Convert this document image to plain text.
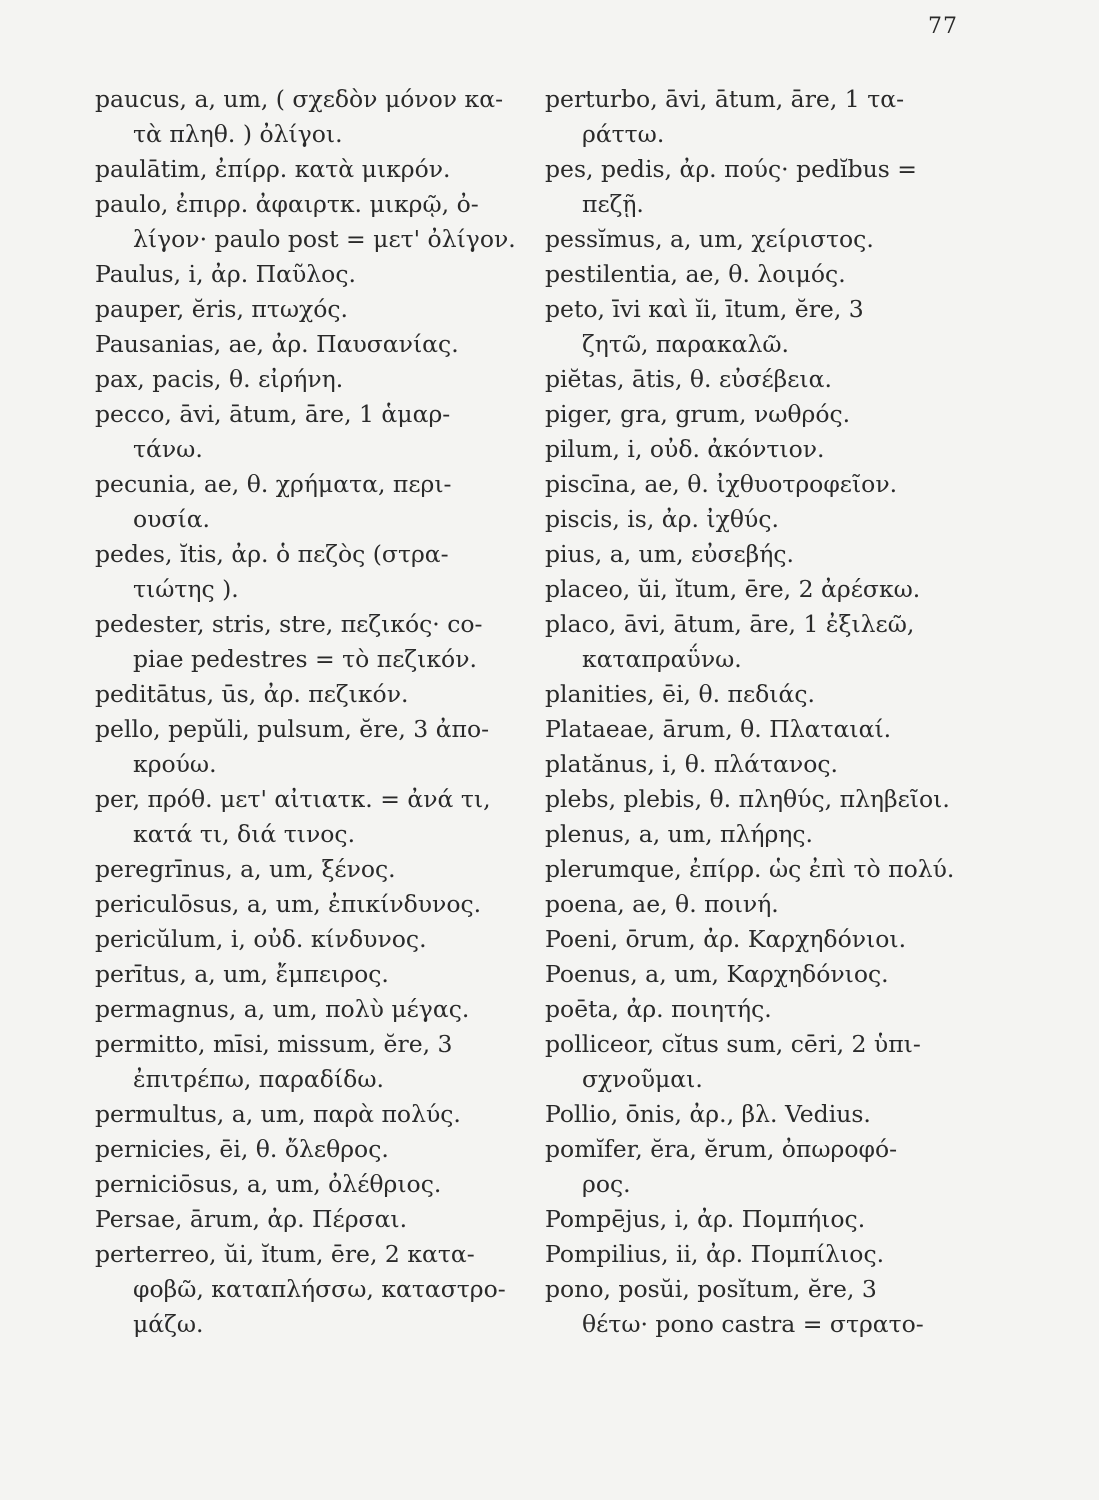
77
paucus, a, um, ( σχεδὸν μόνον κα-
τὰ πληθ. ) ὀλίγοι.
paulātim, ἐπίρρ. κατὰ μικρόν.
paulo, ἐπιρρ. ἀφαιρτκ. μικρῷ, ὀ-
λίγον· paulo post = μετ' ὀλίγον.
Paulus, i, ἀρ. Παῦλος.
pauper, ĕris, πτωχός.
Pausanias, ae, ἀρ. Παυσανίας.
pax, pacis, θ. εἰρήνη.
pecco, āvi, ātum, āre, 1 ἁμαρ-
τάνω.
pecunia, ae, θ. χρήματα, περι-
ουσία.
pedes, ĭtis, ἀρ. ὁ πεζὸς (στρα-
τιώτης ).
pedester, stris, stre, πεζικός· co-
piae pedestres = τὸ πεζικόν.
peditātus, ūs, ἀρ. πεζικόν.
pello, pepŭli, pulsum, ĕre, 3 ἀπο-
κρούω.
per, πρόθ. μετ' αἰτιατκ. = ἀνά τι,
κατά τι, διά τινος.
peregrīnus, a, um, ξένος.
periculōsus, a, um, ἐπικίνδυνος.
pericŭlum, i, οὐδ. κίνδυνος.
perītus, a, um, ἔμπειρος.
permagnus, a, um, πολὺ μέγας.
permitto, mīsi, missum, ĕre, 3
ἐπιτρέπω, παραδίδω.
permultus, a, um, παρὰ πολύς.
pernicies, ēi, θ. ὄλεθρος.
perniciōsus, a, um, ὀλέθριος.
Persae, ārum, ἀρ. Πέρσαι.
perterreo, ŭi, ĭtum, ēre, 2 κατα-
φοβῶ, καταπλήσσω, καταστρο-
μάζω.
perturbo, āvi, ātum, āre, 1 τα-
ράττω.
pes, pedis, ἀρ. πούς· pedĭbus =
πεζῇ.
pessĭmus, a, um, χείριστος.
pestilentia, ae, θ. λοιμός.
peto, īvi καὶ ĭi, ītum, ĕre, 3
ζητῶ, παρακαλῶ.
piĕtas, ātis, θ. εὐσέβεια.
piger, gra, grum, νωθρός.
pilum, i, οὐδ. ἀκόντιον.
piscīna, ae, θ. ἰχθυοτροφεῖον.
piscis, is, ἀρ. ἰχθύς.
pius, a, um, εὐσεβής.
placeo, ŭi, ĭtum, ēre, 2 ἀρέσκω.
placo, āvi, ātum, āre, 1 ἐξιλεῶ,
καταπραΰνω.
planities, ēi, θ. πεδιάς.
Plataeae, ārum, θ. Πλαταιαί.
platănus, i, θ. πλάτανος.
plebs, plebis, θ. πληθύς, πληβεῖοι.
plenus, a, um, πλήρης.
plerumque, ἐπίρρ. ὡς ἐπὶ τὸ πολύ.
poena, ae, θ. ποινή.
Poeni, ōrum, ἀρ. Καρχηδόνιοι.
Poenus, a, um, Καρχηδόνιος.
poēta, ἀρ. ποιητής.
polliceor, cĭtus sum, cēri, 2 ὑπι-
σχνοῦμαι.
Pollio, ōnis, ἀρ., βλ. Vedius.
pomĭfer, ĕra, ĕrum, ὀπωροφό-
ρος.
Pompējus, i, ἀρ. Πομπήιος.
Pompilius, ii, ἀρ. Πομπίλιος.
pono, posŭi, posĭtum, ĕre, 3
θέτω· pono castra = στρατο-
